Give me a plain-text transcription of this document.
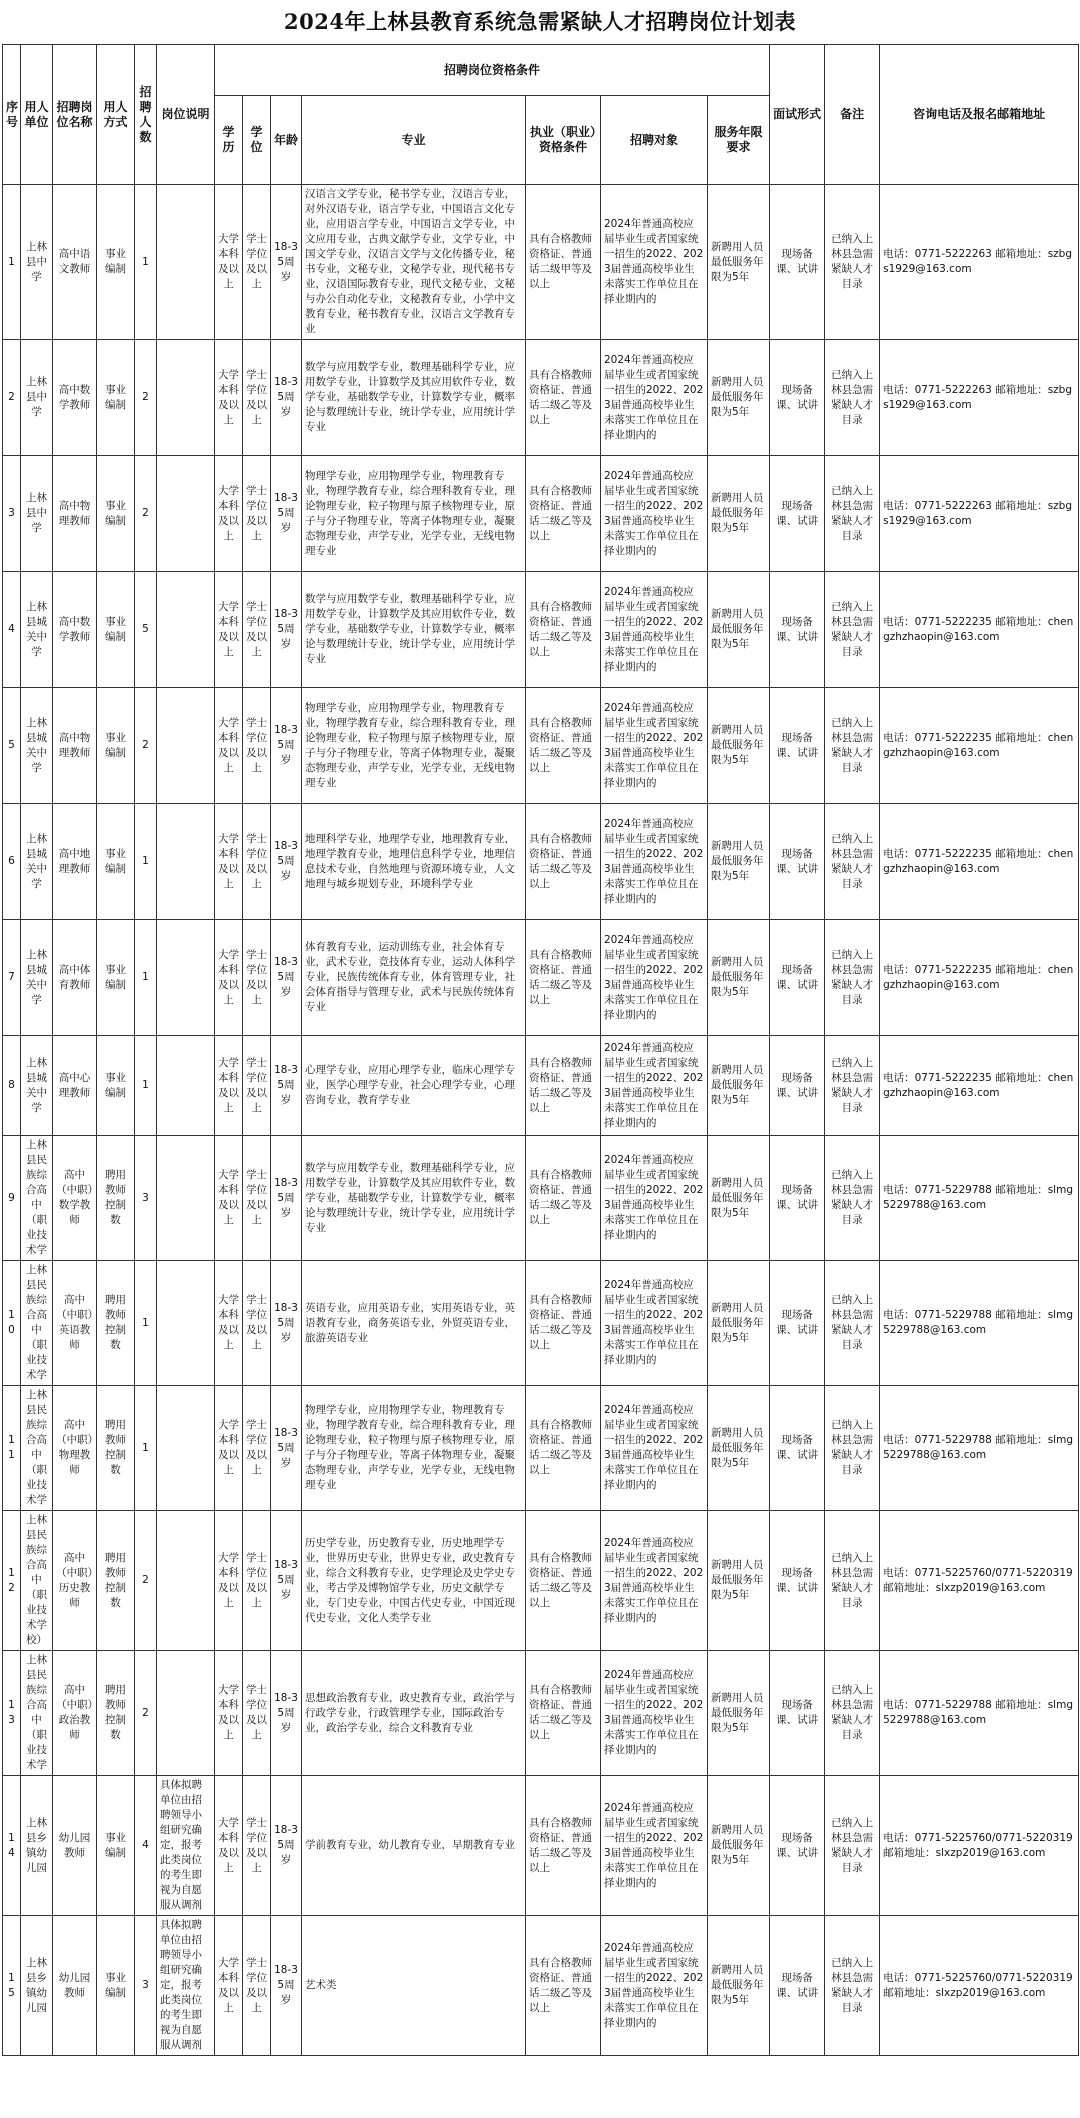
2024年上林县教育系统急需紧缺人才招聘岗位计划表
序号	用人单位	招聘岗位名称	用人方式	招聘人数	岗位说明	招聘岗位资格条件							面试形式	备注	咨询电话及报名邮箱地址
						学历	学位	年龄	专业	执业（职业）资格条件	招聘对象	服务年限要求			
1	上林县中学	高中语文教师	事业编制	1		大学本科及以上	学士学位及以上	18-35周岁	汉语言文学专业，秘书学专业，汉语言专业，对外汉语专业，语言学专业，中国语言文化专业，应用语言学专业，中国语言文学专业，中文应用专业，古典文献学专业，文学专业，中国文学专业，汉语言文学与文化传播专业，秘书专业，文秘专业，文秘学专业，现代秘书专业，汉语国际教育专业，现代文秘专业，文秘与办公自动化专业，文秘教育专业，小学中文教育专业，秘书教育专业，汉语言文学教育专业	具有合格教师资格证、普通话二级甲等及以上	2024年普通高校应届毕业生或者国家统一招生的2022、2023届普通高校毕业生未落实工作单位且在择业期内的	新聘用人员最低服务年限为5年	现场备课、试讲	已纳入上林县急需紧缺人才目录	电话：0771-5222263 邮箱地址：szbgs1929@163.com
2	上林县中学	高中数学教师	事业编制	2		大学本科及以上	学士学位及以上	18-35周岁	数学与应用数学专业，数理基础科学专业，应用数学专业，计算数学及其应用软件专业，数学专业，基础数学专业，计算数学专业，概率论与数理统计专业，统计学专业，应用统计学专业	具有合格教师资格证、普通话二级乙等及以上	2024年普通高校应届毕业生或者国家统一招生的2022、2023届普通高校毕业生未落实工作单位且在择业期内的	新聘用人员最低服务年限为5年	现场备课、试讲	已纳入上林县急需紧缺人才目录	电话：0771-5222263 邮箱地址：szbgs1929@163.com
3	上林县中学	高中物理教师	事业编制	2		大学本科及以上	学士学位及以上	18-35周岁	物理学专业，应用物理学专业，物理教育专业，物理学教育专业，综合理科教育专业，理论物理专业，粒子物理与原子核物理专业，原子与分子物理专业，等离子体物理专业，凝聚态物理专业，声学专业，光学专业，无线电物理专业	具有合格教师资格证、普通话二级乙等及以上	2024年普通高校应届毕业生或者国家统一招生的2022、2023届普通高校毕业生未落实工作单位且在择业期内的	新聘用人员最低服务年限为5年	现场备课、试讲	已纳入上林县急需紧缺人才目录	电话：0771-5222263 邮箱地址：szbgs1929@163.com
4	上林县城关中学	高中数学教师	事业编制	5		大学本科及以上	学士学位及以上	18-35周岁	数学与应用数学专业，数理基础科学专业，应用数学专业，计算数学及其应用软件专业，数学专业，基础数学专业，计算数学专业，概率论与数理统计专业，统计学专业，应用统计学专业	具有合格教师资格证、普通话二级乙等及以上	2024年普通高校应届毕业生或者国家统一招生的2022、2023届普通高校毕业生未落实工作单位且在择业期内的	新聘用人员最低服务年限为5年	现场备课、试讲	已纳入上林县急需紧缺人才目录	电话：0771-5222235 邮箱地址：chengzhzhaopin@163.com
5	上林县城关中学	高中物理教师	事业编制	2		大学本科及以上	学士学位及以上	18-35周岁	物理学专业，应用物理学专业，物理教育专业，物理学教育专业，综合理科教育专业，理论物理专业，粒子物理与原子核物理专业，原子与分子物理专业，等离子体物理专业，凝聚态物理专业，声学专业，光学专业，无线电物理专业	具有合格教师资格证、普通话二级乙等及以上	2024年普通高校应届毕业生或者国家统一招生的2022、2023届普通高校毕业生未落实工作单位且在择业期内的	新聘用人员最低服务年限为5年	现场备课、试讲	已纳入上林县急需紧缺人才目录	电话：0771-5222235 邮箱地址：chengzhzhaopin@163.com
6	上林县城关中学	高中地理教师	事业编制	1		大学本科及以上	学士学位及以上	18-35周岁	地理科学专业，地理学专业，地理教育专业，地理学教育专业，地理信息科学专业，地理信息技术专业，自然地理与资源环境专业，人文地理与城乡规划专业，环境科学专业	具有合格教师资格证、普通话二级乙等及以上	2024年普通高校应届毕业生或者国家统一招生的2022、2023届普通高校毕业生未落实工作单位且在择业期内的	新聘用人员最低服务年限为5年	现场备课、试讲	已纳入上林县急需紧缺人才目录	电话：0771-5222235 邮箱地址：chengzhzhaopin@163.com
7	上林县城关中学	高中体育教师	事业编制	1		大学本科及以上	学士学位及以上	18-35周岁	体育教育专业，运动训练专业，社会体育专业，武术专业，竞技体育专业，运动人体科学专业，民族传统体育专业，体育管理专业，社会体育指导与管理专业，武术与民族传统体育专业	具有合格教师资格证、普通话二级乙等及以上	2024年普通高校应届毕业生或者国家统一招生的2022、2023届普通高校毕业生未落实工作单位且在择业期内的	新聘用人员最低服务年限为5年	现场备课、试讲	已纳入上林县急需紧缺人才目录	电话：0771-5222235 邮箱地址：chengzhzhaopin@163.com
8	上林县城关中学	高中心理教师	事业编制	1		大学本科及以上	学士学位及以上	18-35周岁	心理学专业，应用心理学专业，临床心理学专业，医学心理学专业，社会心理学专业，心理咨询专业，教育学专业	具有合格教师资格证、普通话二级乙等及以上	2024年普通高校应届毕业生或者国家统一招生的2022、2023届普通高校毕业生未落实工作单位且在择业期内的	新聘用人员最低服务年限为5年	现场备课、试讲	已纳入上林县急需紧缺人才目录	电话：0771-5222235 邮箱地址：chengzhzhaopin@163.com
9	上林县民族综合高中（职业技术学	高中（中职）数学教师	聘用教师控制数	3		大学本科及以上	学士学位及以上	18-35周岁	数学与应用数学专业，数理基础科学专业，应用数学专业，计算数学及其应用软件专业，数学专业，基础数学专业，计算数学专业，概率论与数理统计专业，统计学专业，应用统计学专业	具有合格教师资格证、普通话二级乙等及以上	2024年普通高校应届毕业生或者国家统一招生的2022、2023届普通高校毕业生未落实工作单位且在择业期内的	新聘用人员最低服务年限为5年	现场备课、试讲	已纳入上林县急需紧缺人才目录	电话：0771-5229788 邮箱地址：slmg5229788@163.com
10	上林县民族综合高中（职业技术学	高中（中职）英语教师	聘用教师控制数	1		大学本科及以上	学士学位及以上	18-35周岁	英语专业，应用英语专业，实用英语专业，英语教育专业，商务英语专业，外贸英语专业，旅游英语专业	具有合格教师资格证、普通话二级乙等及以上	2024年普通高校应届毕业生或者国家统一招生的2022、2023届普通高校毕业生未落实工作单位且在择业期内的	新聘用人员最低服务年限为5年	现场备课、试讲	已纳入上林县急需紧缺人才目录	电话：0771-5229788 邮箱地址：slmg5229788@163.com
11	上林县民族综合高中（职业技术学	高中（中职）物理教师	聘用教师控制数	1		大学本科及以上	学士学位及以上	18-35周岁	物理学专业，应用物理学专业，物理教育专业，物理学教育专业，综合理科教育专业，理论物理专业，粒子物理与原子核物理专业，原子与分子物理专业，等离子体物理专业，凝聚态物理专业，声学专业，光学专业，无线电物理专业	具有合格教师资格证、普通话二级乙等及以上	2024年普通高校应届毕业生或者国家统一招生的2022、2023届普通高校毕业生未落实工作单位且在择业期内的	新聘用人员最低服务年限为5年	现场备课、试讲	已纳入上林县急需紧缺人才目录	电话：0771-5229788 邮箱地址：slmg5229788@163.com
12	上林县民族综合高中（职业技术学校）	高中（中职）历史教师	聘用教师控制数	2		大学本科及以上	学士学位及以上	18-35周岁	历史学专业，历史教育专业，历史地理学专业，世界历史专业，世界史专业，政史教育专业，综合文科教育专业，史学理论及史学史专业，考古学及博物馆学专业，历史文献学专业，专门史专业，中国古代史专业，中国近现代史专业，文化人类学专业	具有合格教师资格证、普通话二级乙等及以上	2024年普通高校应届毕业生或者国家统一招生的2022、2023届普通高校毕业生未落实工作单位且在择业期内的	新聘用人员最低服务年限为5年	现场备课、试讲	已纳入上林县急需紧缺人才目录	电话：0771-5225760/0771-5220319 邮箱地址：slxzp2019@163.com
13	上林县民族综合高中（职业技术学	高中（中职）政治教师	聘用教师控制数	2		大学本科及以上	学士学位及以上	18-35周岁	思想政治教育专业，政史教育专业，政治学与行政学专业，行政管理学专业，国际政治专业，政治学专业，综合文科教育专业	具有合格教师资格证、普通话二级乙等及以上	2024年普通高校应届毕业生或者国家统一招生的2022、2023届普通高校毕业生未落实工作单位且在择业期内的	新聘用人员最低服务年限为5年	现场备课、试讲	已纳入上林县急需紧缺人才目录	电话：0771-5229788 邮箱地址：slmg5229788@163.com
14	上林县乡镇幼儿园	幼儿园教师	事业编制	4	具体拟聘单位由招聘领导小组研究确定，报考此类岗位的考生即视为自愿服从调剂	大学本科及以上	学士学位及以上	18-35周岁	学前教育专业，幼儿教育专业，早期教育专业	具有合格教师资格证、普通话二级乙等及以上	2024年普通高校应届毕业生或者国家统一招生的2022、2023届普通高校毕业生未落实工作单位且在择业期内的	新聘用人员最低服务年限为5年	现场备课、试讲	已纳入上林县急需紧缺人才目录	电话：0771-5225760/0771-5220319 邮箱地址：slxzp2019@163.com
15	上林县乡镇幼儿园	幼儿园教师	事业编制	3	具体拟聘单位由招聘领导小组研究确定，报考此类岗位的考生即视为自愿服从调剂	大学本科及以上	学士学位及以上	18-35周岁	艺术类	具有合格教师资格证、普通话二级乙等及以上	2024年普通高校应届毕业生或者国家统一招生的2022、2023届普通高校毕业生未落实工作单位且在择业期内的	新聘用人员最低服务年限为5年	现场备课、试讲	已纳入上林县急需紧缺人才目录	电话：0771-5225760/0771-5220319 邮箱地址：slxzp2019@163.com
